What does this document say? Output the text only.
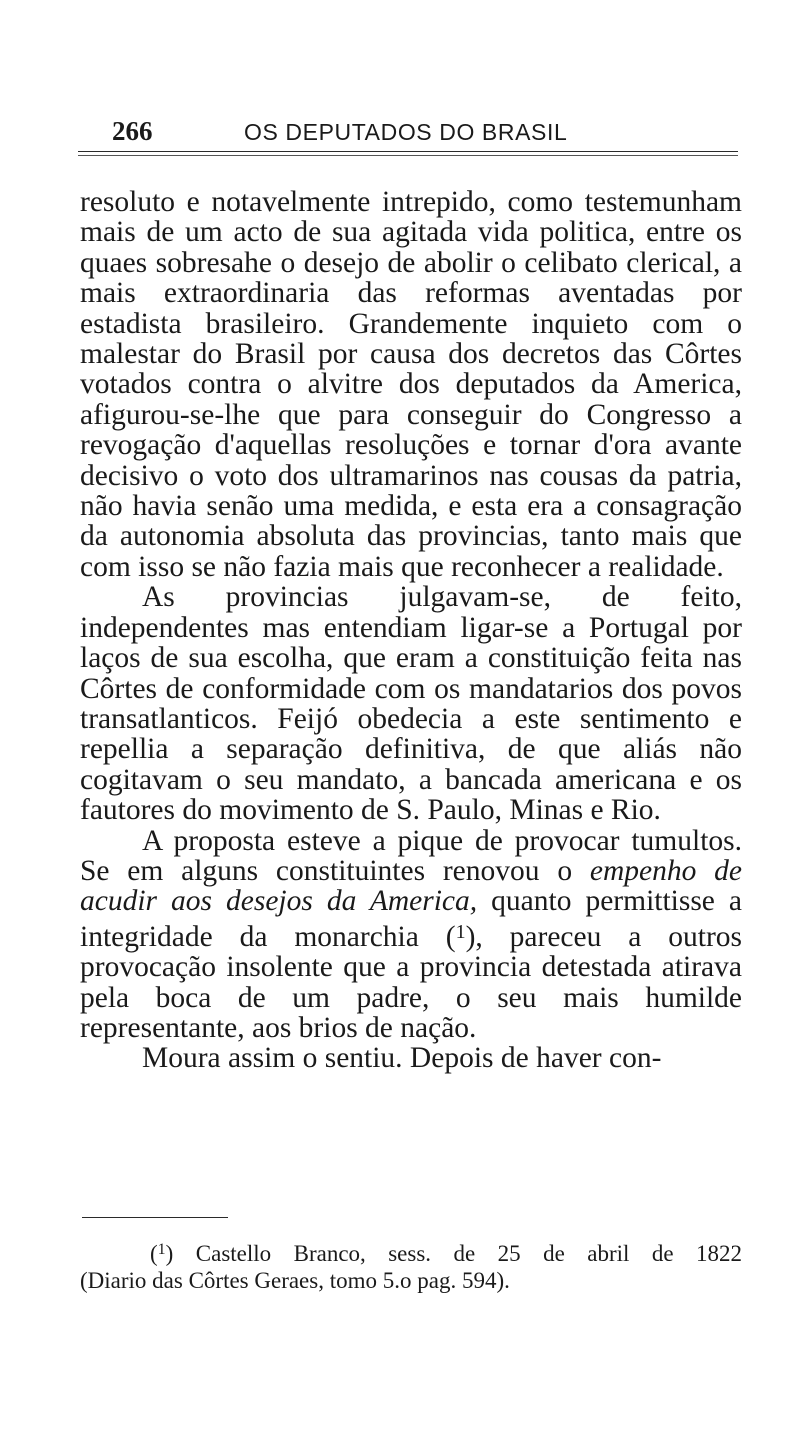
266	OS DEPUTADOS DO BRASIL

resoluto e notavelmente intrepido, como testemunham mais de um acto de sua agitada vida politica, entre os quaes sobresahe o desejo de abolir o celibato clerical, a mais extraordinaria das reformas aventadas por estadista brasileiro. Grandemente inquieto com o malestar do Brasil por causa dos decretos das Côrtes votados contra o alvitre dos deputados da America, afigurou-se-lhe que para conseguir do Congresso a revogação d'aquellas resoluções e tornar d'ora avante decisivo o voto dos ultramarinos nas cousas da patria, não havia senão uma medida, e esta era a consagração da autonomia absoluta das provincias, tanto mais que com isso se não fazia mais que reconhecer a realidade.

As provincias julgavam-se, de feito, independentes mas entendiam ligar-se a Portugal por laços de sua escolha, que eram a constituição feita nas Côrtes de conformidade com os mandatarios dos povos transatlanticos. Feijó obedecia a este sentimento e repellia a separação definitiva, de que aliás não cogitavam o seu mandato, a bancada americana e os fautores do movimento de S. Paulo, Minas e Rio.

A proposta esteve a pique de provocar tumultos. Se em alguns constituintes renovou o empenho de acudir aos desejos da America, quanto permittisse a integridade da monarchia ($^1$), pareceu a outros provocação insolente que a provincia detestada atirava pela boca de um padre, o seu mais humilde representante, aos brios de nação.

Moura assim o sentiu. Depois de haver con-

($^1$) Castello Branco, sess. de 25 de abril de 1822
(Diario das Côrtes Geraes, tomo 5.o pag. 594).
